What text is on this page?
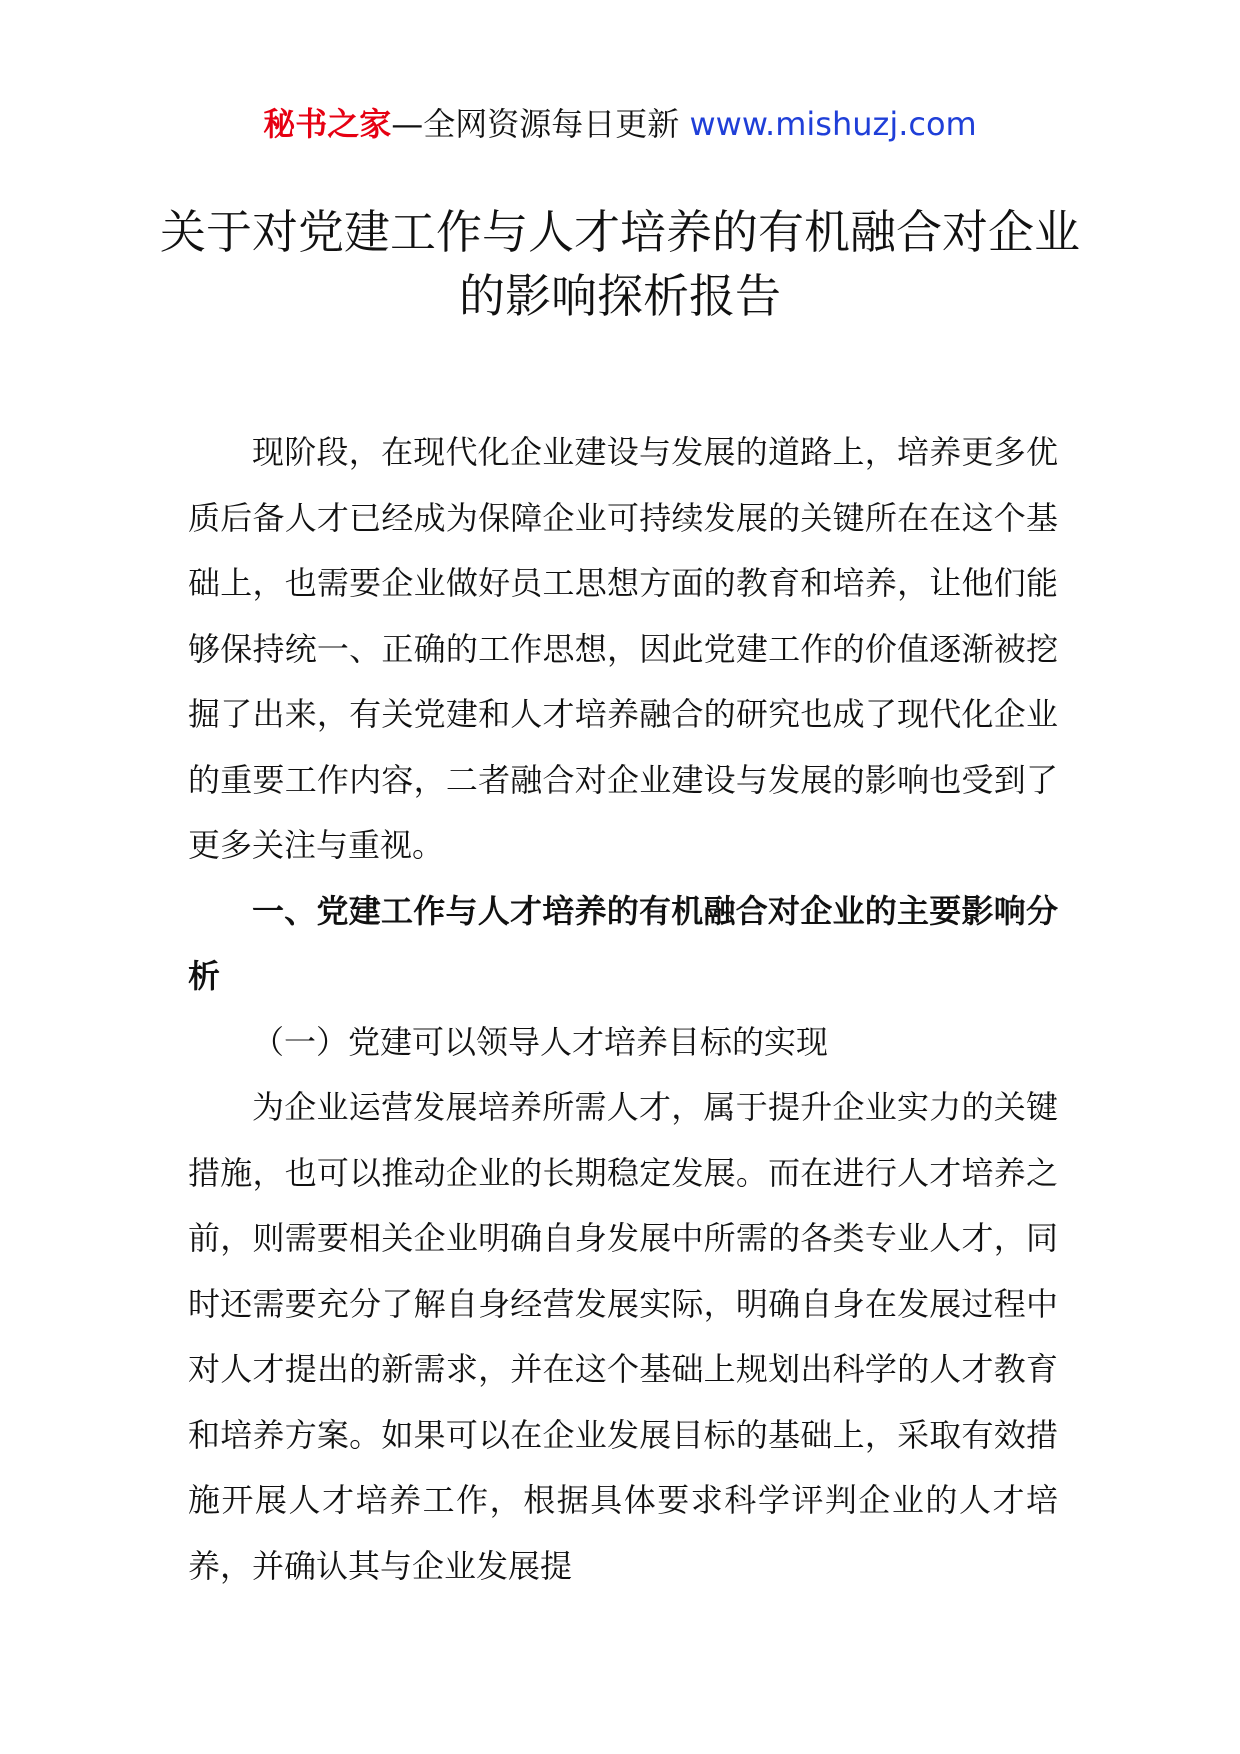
秘书之家—全网资源每日更新 www.mishuzj.com
关于对党建工作与人才培养的有机融合对企业的影响探析报告

现阶段，在现代化企业建设与发展的道路上，培养更多优质后备人才已经成为保障企业可持续发展的关键所在在这个基础上，也需要企业做好员工思想方面的教育和培养，让他们能够保持统一、正确的工作思想，因此党建工作的价值逐渐被挖掘了出来，有关党建和人才培养融合的研究也成了现代化企业的重要工作内容，二者融合对企业建设与发展的影响也受到了更多关注与重视。

一、党建工作与人才培养的有机融合对企业的主要影响分析

（一）党建可以领导人才培养目标的实现

为企业运营发展培养所需人才，属于提升企业实力的关键措施，也可以推动企业的长期稳定发展。而在进行人才培养之前，则需要相关企业明确自身发展中所需的各类专业人才，同时还需要充分了解自身经营发展实际，明确自身在发展过程中对人才提出的新需求，并在这个基础上规划出科学的人才教育和培养方案。如果可以在企业发展目标的基础上，采取有效措施开展人才培养工作，根据具体要求科学评判企业的人才培养，并确认其与企业发展提
